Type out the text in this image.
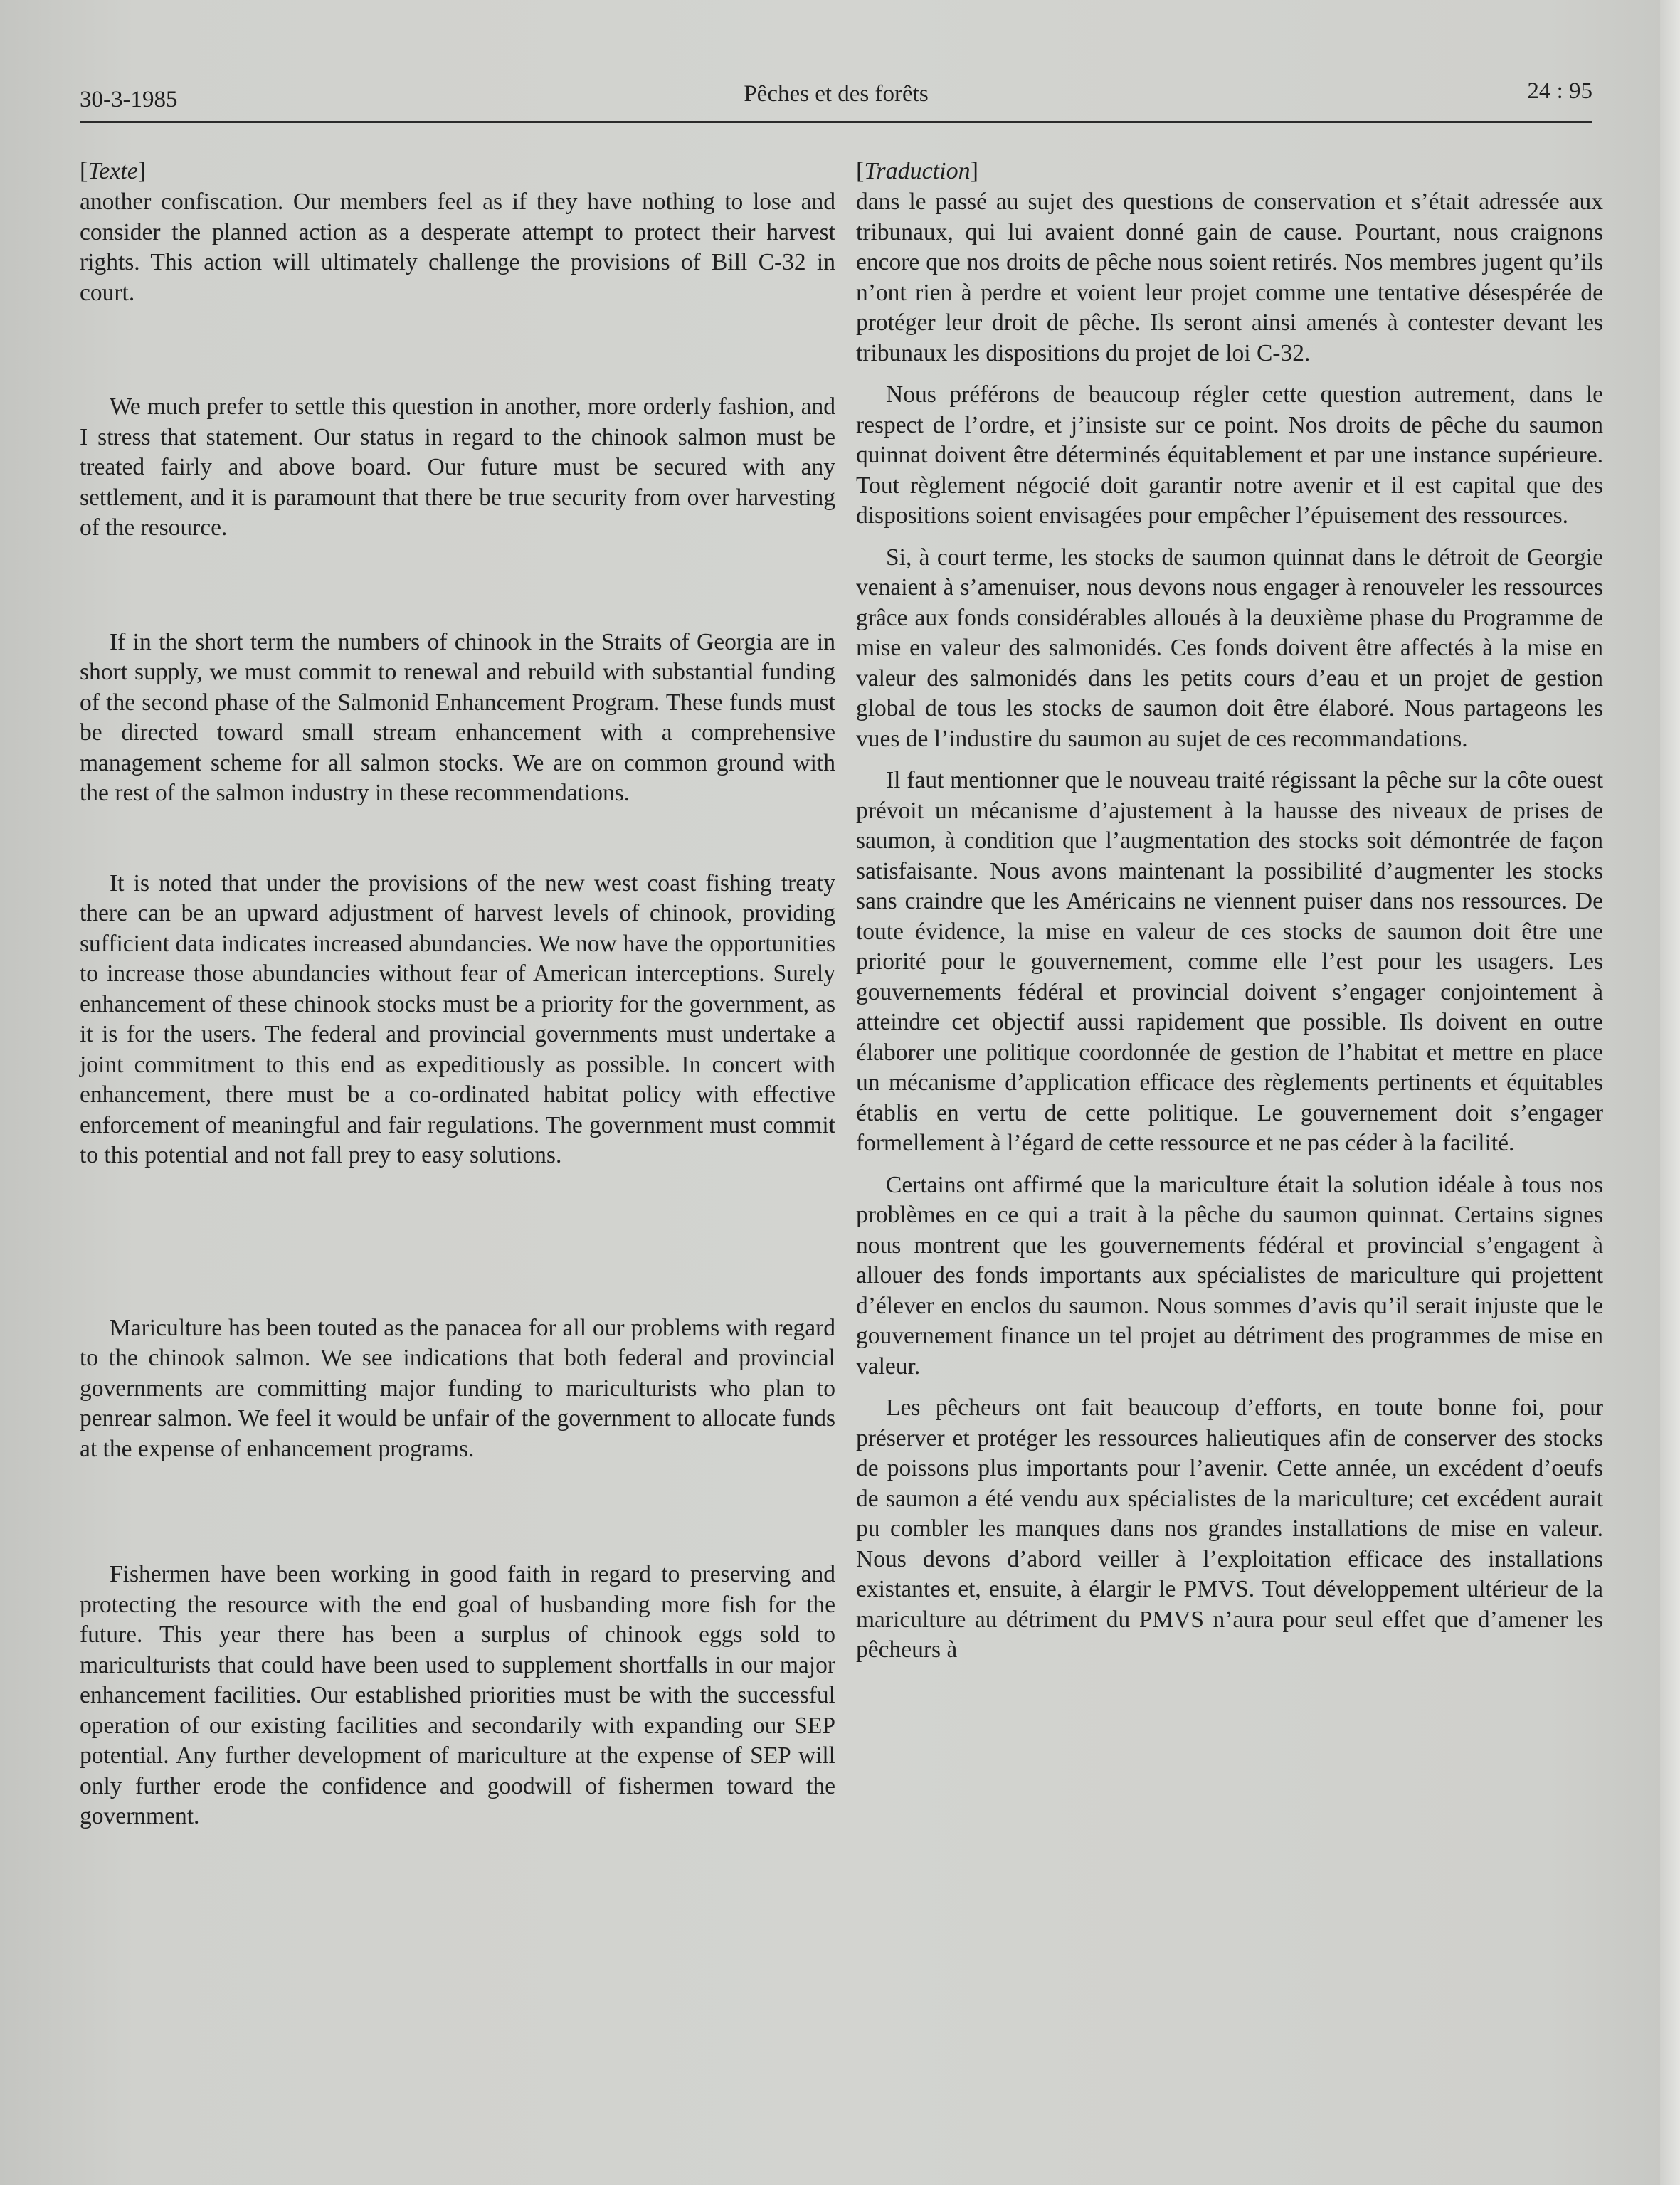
30-3-1985	Pêches et des forêts	24 : 95
[Texte]

another confiscation. Our members feel as if they have nothing to lose and consider the planned action as a desperate attempt to protect their harvest rights. This action will ultimately challenge the provisions of Bill C-32 in court.

We much prefer to settle this question in another, more orderly fashion, and I stress that statement. Our status in regard to the chinook salmon must be treated fairly and above board. Our future must be secured with any settlement, and it is paramount that there be true security from over harvesting of the resource.

If in the short term the numbers of chinook in the Straits of Georgia are in short supply, we must commit to renewal and rebuild with substantial funding of the second phase of the Salmonid Enhancement Program. These funds must be directed toward small stream enhancement with a comprehensive management scheme for all salmon stocks. We are on common ground with the rest of the salmon industry in these recommendations.

It is noted that under the provisions of the new west coast fishing treaty there can be an upward adjustment of harvest levels of chinook, providing sufficient data indicates increased abundancies. We now have the opportunities to increase those abundancies without fear of American interceptions. Surely enhancement of these chinook stocks must be a priority for the government, as it is for the users. The federal and provincial governments must undertake a joint commitment to this end as expeditiously as possible. In concert with enhancement, there must be a co-ordinated habitat policy with effective enforcement of meaningful and fair regulations. The government must commit to this potential and not fall prey to easy solutions.

Mariculture has been touted as the panacea for all our problems with regard to the chinook salmon. We see indications that both federal and provincial governments are committing major funding to mariculturists who plan to penrear salmon. We feel it would be unfair of the government to allocate funds at the expense of enhancement programs.

Fishermen have been working in good faith in regard to preserving and protecting the resource with the end goal of husbanding more fish for the future. This year there has been a surplus of chinook eggs sold to mariculturists that could have been used to supplement shortfalls in our major enhancement facilities. Our established priorities must be with the successful operation of our existing facilities and secondarily with expanding our SEP potential. Any further development of mariculture at the expense of SEP will only further erode the confidence and goodwill of fishermen toward the government.

[Traduction]

dans le passé au sujet des questions de conservation et s’était adressée aux tribunaux, qui lui avaient donné gain de cause. Pourtant, nous craignons encore que nos droits de pêche nous soient retirés. Nos membres jugent qu’ils n’ont rien à perdre et voient leur projet comme une tentative désespérée de protéger leur droit de pêche. Ils seront ainsi amenés à contester devant les tribunaux les dispositions du projet de loi C-32.

Nous préférons de beaucoup régler cette question autrement, dans le respect de l’ordre, et j’insiste sur ce point. Nos droits de pêche du saumon quinnat doivent être déterminés équitablement et par une instance supérieure. Tout règlement négocié doit garantir notre avenir et il est capital que des dispositions soient envisagées pour empêcher l’épuisement des ressources.

Si, à court terme, les stocks de saumon quinnat dans le détroit de Georgie venaient à s’amenuiser, nous devons nous engager à renouveler les ressources grâce aux fonds considérables alloués à la deuxième phase du Programme de mise en valeur des salmonidés. Ces fonds doivent être affectés à la mise en valeur des salmonidés dans les petits cours d’eau et un projet de gestion global de tous les stocks de saumon doit être élaboré. Nous partageons les vues de l’industire du saumon au sujet de ces recommandations.

Il faut mentionner que le nouveau traité régissant la pêche sur la côte ouest prévoit un mécanisme d’ajustement à la hausse des niveaux de prises de saumon, à condition que l’augmentation des stocks soit démontrée de façon satisfaisante. Nous avons maintenant la possibilité d’augmenter les stocks sans craindre que les Américains ne viennent puiser dans nos ressources. De toute évidence, la mise en valeur de ces stocks de saumon doit être une priorité pour le gouvernement, comme elle l’est pour les usagers. Les gouvernements fédéral et provincial doivent s’engager conjointement à atteindre cet objectif aussi rapidement que possible. Ils doivent en outre élaborer une politique coordonnée de gestion de l’habitat et mettre en place un mécanisme d’application efficace des règlements pertinents et équitables établis en vertu de cette politique. Le gouvernement doit s’engager formellement à l’égard de cette ressource et ne pas céder à la facilité.

Certains ont affirmé que la mariculture était la solution idéale à tous nos problèmes en ce qui a trait à la pêche du saumon quinnat. Certains signes nous montrent que les gouvernements fédéral et provincial s’engagent à allouer des fonds importants aux spécialistes de mariculture qui projettent d’élever en enclos du saumon. Nous sommes d’avis qu’il serait injuste que le gouvernement finance un tel projet au détriment des programmes de mise en valeur.

Les pêcheurs ont fait beaucoup d’efforts, en toute bonne foi, pour préserver et protéger les ressources halieutiques afin de conserver des stocks de poissons plus importants pour l’avenir. Cette année, un excédent d’oeufs de saumon a été vendu aux spécialistes de la mariculture; cet excédent aurait pu combler les manques dans nos grandes installations de mise en valeur. Nous devons d’abord veiller à l’exploitation efficace des installations existantes et, ensuite, à élargir le PMVS. Tout développement ultérieur de la mariculture au détriment du PMVS n’aura pour seul effet que d’amener les pêcheurs à
